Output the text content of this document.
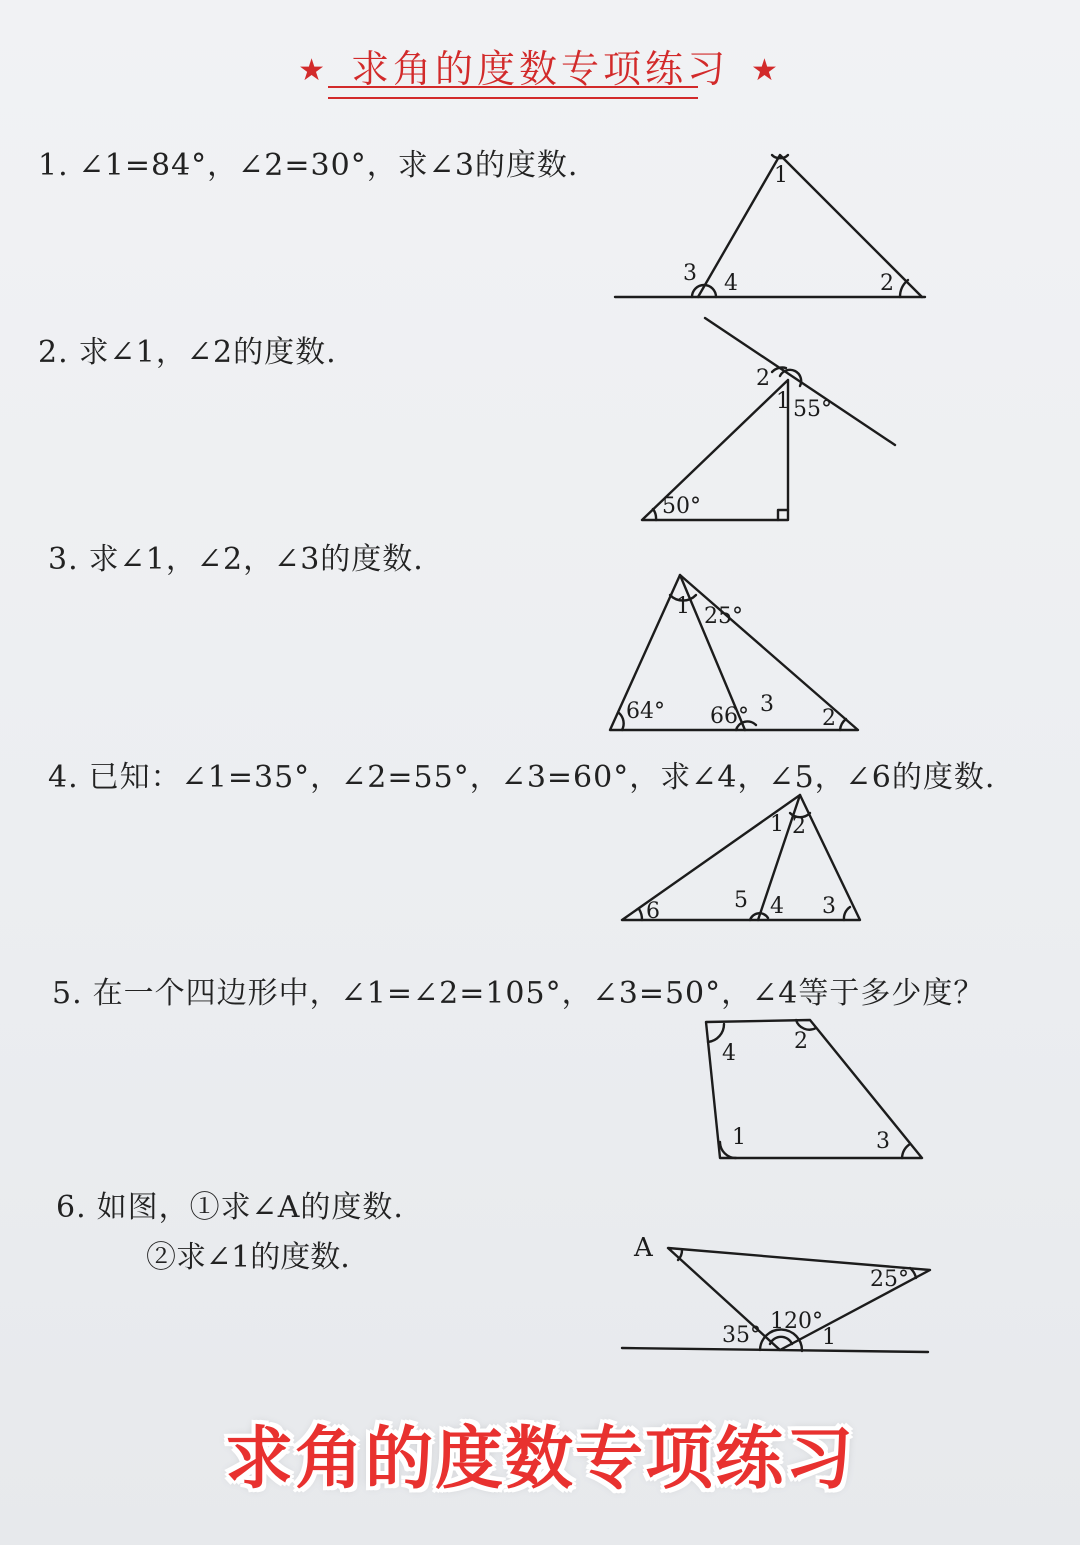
★ 求角的度数专项练习 ★
1. ∠1=84°，∠2=30°，求∠3的度数.	1
2
3 4
2. 求∠1，∠2的度数.
2
1 55°
50°
3. 求∠1，∠2，∠3的度数.
1 25°
64° 66° 3
2
4. 已知：∠1=35°，∠2=55°，∠3=60°，求∠4，∠5，∠6的度数.
1 2
5 4 3
6
5. 在一个四边形中，∠1=∠2=105°，∠3=50°，∠4等于多少度？
4	2
1	3
6. 如图，①求∠A的度数.
②求∠1的度数.	A
25°
120°
35°	1
求角的度数专项练习
